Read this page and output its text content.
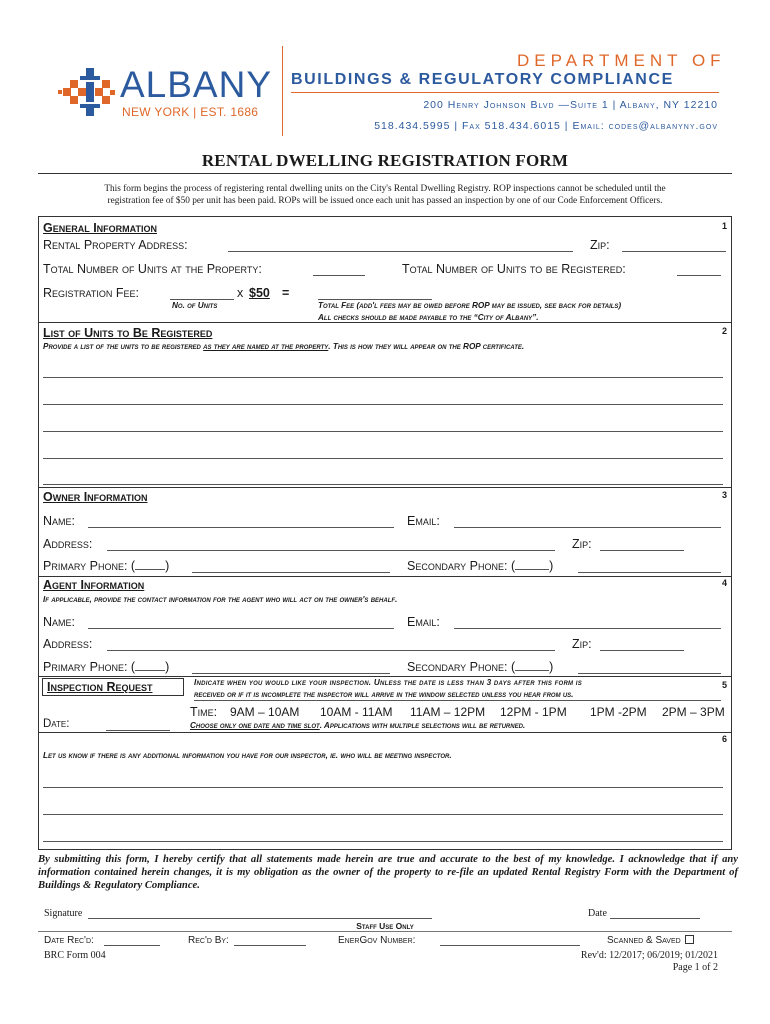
ALBANY
NEW YORK | EST. 1686
DEPARTMENT OF
BUILDINGS & REGULATORY COMPLIANCE
200 Henry Johnson Blvd —Suite 1 | Albany, NY 12210
518.434.5995 | Fax 518.434.6015 | Email: codes@albanyny.gov
RENTAL DWELLING REGISTRATION FORM
This form begins the process of registering rental dwelling units on the City's Rental Dwelling Registry. ROP inspections cannot be scheduled until the
registration fee of $50 per unit has been paid. ROPs will be issued once each unit has passed an inspection by one of our Code Enforcement Officers.
General Information	1
Rental Property Address:	Zip:
Total Number of Units at the Property:	Total Number of Units to be Registered:
Registration Fee:	x $50 =
No. of Units	Total Fee (add'l fees may be owed before ROP may be issued, see back for details)
All checks should be made payable to the “City of Albany”.
List of Units to Be Registered	2
Provide a list of the units to be registered as they are named at the property. This is how they will appear on the ROP certificate.
Owner Information	3
Name:	Email:
Address:	Zip:
Primary Phone: ( )	Secondary Phone: (	)
Agent Information	4
If applicable, provide the contact information for the agent who will act on the owner's behalf.
Name:	Email:
Address:	Zip:
Primary Phone: ( )	Secondary Phone: (	)
Inspection Request	5
Indicate when you would like your inspection. Unless the date is less than 3 days after this form is
received or if it is incomplete the inspector will arrive in the window selected unless you hear from us.
Time: 9AM – 10AM 10AM - 11AM 11AM – 12PM 12PM - 1PM 1PM -2PM 2PM – 3PM
Date:	Choose only one date and time slot. Applications with multiple selections will be returned.
6
Let us know if there is any additional information you have for our inspector, ie. who will be meeting inspector.
By submitting this form, I hereby certify that all statements made herein are true and accurate to the best of my knowledge. I acknowledge that if any information contained herein changes, it is my obligation as the owner of the property to re-file an updated Rental Registry Form with the Department of Buildings & Regulatory Compliance.
Signature	Date
Staff Use Only
Date Rec'd:	Rec'd By:	EnerGov Number:	Scanned & Saved
BRC Form 004	Rev'd: 12/2017; 06/2019; 01/2021
Page 1 of 2
